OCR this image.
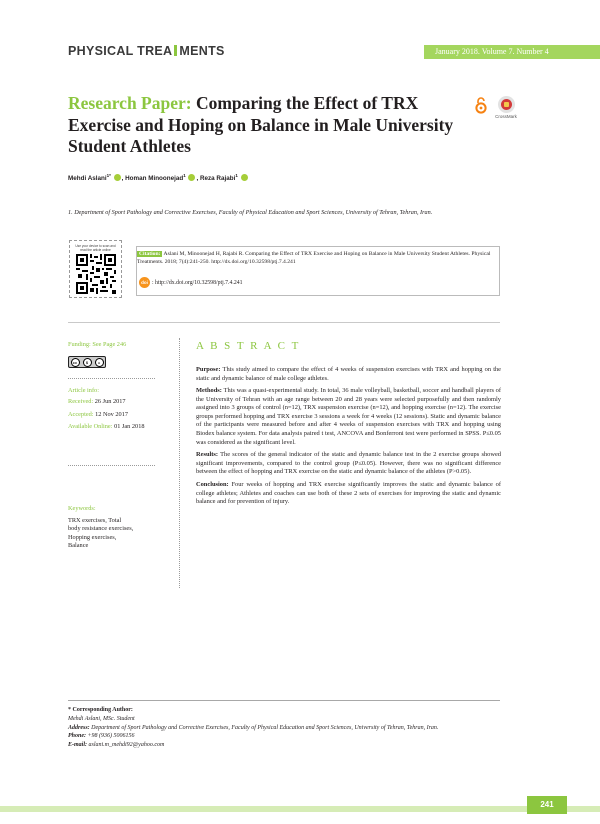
PHYSICAL TREA MENTS	January 2018. Volume 7. Number 4
Research Paper: Comparing the Effect of TRX Exercise and Hoping on Balance in Male University Student Athletes
CrossMark
Mehdi Aslani$^{1*}$ , Homan Minoonejad$^1$ , Reza Rajabi$^1$
1. Department of Sport Pathology and Corrective Exercises, Faculty of Physical Education and Sport Sciences, University of Tehran, Tehran, Iran.
Use your device to scan and read the article online
Citation: Aslani M, Minoonejad H, Rajabi R. Comparing the Effect of TRX Exercise and Hoping on Balance in Male University Student Athletes. Physical Treatments. 2018; 7(4):241-250. http://dx.doi.org/10.32598/ptj.7.4.241
doi : http://dx.doi.org/10.32598/ptj.7.4.241
Funding: See Page 246
cc	$	=
Article info:
Received: 26 Jun 2017
Accepted: 12 Nov 2017
Available Online: 01 Jan 2018
Keywords:
TRX exercises, Total
body resistance exercises,
Hopping exercises,
Balance
A B S T R A C T

Purpose: This study aimed to compare the effect of 4 weeks of suspension exercises with TRX and hopping on the static and dynamic balance of male college athletes.

Methods: This was a quasi-experimental study. In total, 36 male volleyball, basketball, soccer and handball players of the University of Tehran with an age range between 20 and 28 years were selected purposefully and then randomly assigned into 3 groups of control (n=12), TRX suspension exercise (n=12), and hopping exercise (n=12). The exercise groups performed hopping and TRX exercise 3 sessions a week for 4 weeks (12 sessions). Static and dynamic balance of the participants were measured before and after 4 weeks of suspension exercises with TRX and hopping using Biodex balance system. For data analysis paired t test, ANCOVA and Bonferroni test were performed in SPSS. P≤0.05 was considered as the significant level.

Results: The scores of the general indicator of the static and dynamic balance test in the 2 exercise groups showed significant improvements, compared to the control group (P≤0.05). However, there was no significant difference between the effect of hopping and TRX exercise on the static and dynamic balance of the athletes (P>0.05).

Conclusion: Four weeks of hopping and TRX exercise significantly improves the static and dynamic balance of college athletes; Athletes and coaches can use both of these 2 sets of exercises for improving the static and dynamic balance and for prevention of injury.

* Corresponding Author:
Mehdi Aslani, MSc. Student
Address: Department of Sport Pathology and Corrective Exercises, Faculty of Physical Education and Sport Sciences, University of Tehran, Tehran, Iran.
Phone: +98 (936) 5006156
E-mail: aslani.m_mehdi92@yahoo.com
241
